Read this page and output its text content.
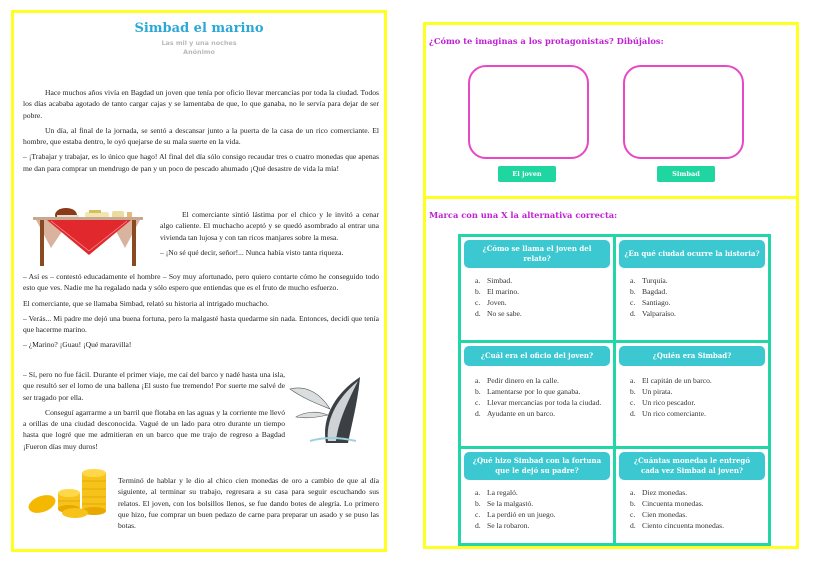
Simbad el marino
Las mil y una noches
Anónimo

Hace muchos años vivía en Bagdad un joven que tenía por oficio llevar mercancías por toda la ciudad. Todos los días acababa agotado de tanto cargar cajas y se lamentaba de que, lo que ganaba, no le servía para dejar de ser pobre.

Un día, al final de la jornada, se sentó a descansar junto a la puerta de la casa de un rico comerciante. El hombre, que estaba dentro, le oyó quejarse de su mala suerte en la vida.

– ¡Trabajar y trabajar, es lo único que hago! Al final del día sólo consigo recaudar tres o cuatro monedas que apenas me dan para comprar un mendrugo de pan y un poco de pescado ahumado ¡Qué desastre de vida la mía!

El comerciante sintió lástima por el chico y le invitó a cenar algo caliente. El muchacho aceptó y se quedó asombrado al entrar una vivienda tan lujosa y con tan ricos manjares sobre la mesa.

– ¡No sé qué decir, señor!... Nunca había visto tanta riqueza.

– Así es – contestó educadamente el hombre – Soy muy afortunado, pero quiero contarte cómo he conseguido todo esto que ves. Nadie me ha regalado nada y sólo espero que entiendas que es el fruto de mucho esfuerzo.

El comerciante, que se llamaba Simbad, relató su historia al intrigado muchacho.

– Verás... Mi padre me dejó una buena fortuna, pero la malgasté hasta quedarme sin nada. Entonces, decidí que tenía que hacerme marino.

– ¿Marino? ¡Guau! ¡Qué maravilla!

– Sí, pero no fue fácil. Durante el primer viaje, me caí del barco y nadé hasta una isla, que resultó ser el lomo de una ballena ¡El susto fue tremendo! Por suerte me salvé de ser tragado por ella.

Conseguí agarrarme a un barril que flotaba en las aguas y la corriente me llevó a orillas de una ciudad desconocida. Vagué de un lado para otro durante un tiempo hasta que logré que me admitieran en un barco que me trajo de regreso a Bagdad ¡Fueron días muy duros!

Terminó de hablar y le dio al chico cien monedas de oro a cambio de que al día siguiente, al terminar su trabajo, regresara a su casa para seguir escuchando sus relatos. El joven, con los bolsillos llenos, se fue dando botes de alegría. Lo primero que hizo, fue comprar un buen pedazo de carne para preparar un asado y se puso las botas.

¿Cómo te imaginas a los protagonistas? Dibújalos:
El joven	Simbad
Marca con una X la alternativa correcta:
¿Cómo se llama el joven del relato?
a. Simbad.
b. El marino.
c. Joven.
d. No se sabe.
¿En qué ciudad ocurre la historia?
a. Turquía.
b. Bagdad.
c. Santiago.
d. Valparaíso.
¿Cuál era el oficio del joven?
a. Pedir dinero en la calle.
b. Lamentarse por lo que ganaba.
c. Llevar mercancías por toda la ciudad.
d. Ayudante en un barco.
¿Quién era Simbad?
a. El capitán de un barco.
b. Un pirata.
c. Un rico pescador.
d. Un rico comerciante.
¿Qué hizo Simbad con la fortuna que le dejó su padre?
a. La regaló.
b. Se la malgastó.
c. La perdió en un juego.
d. Se la robaron.
¿Cuántas monedas le entregó cada vez Simbad al joven?
a. Diez monedas.
b. Cincuenta monedas.
c. Cien monedas.
d. Ciento cincuenta monedas.
